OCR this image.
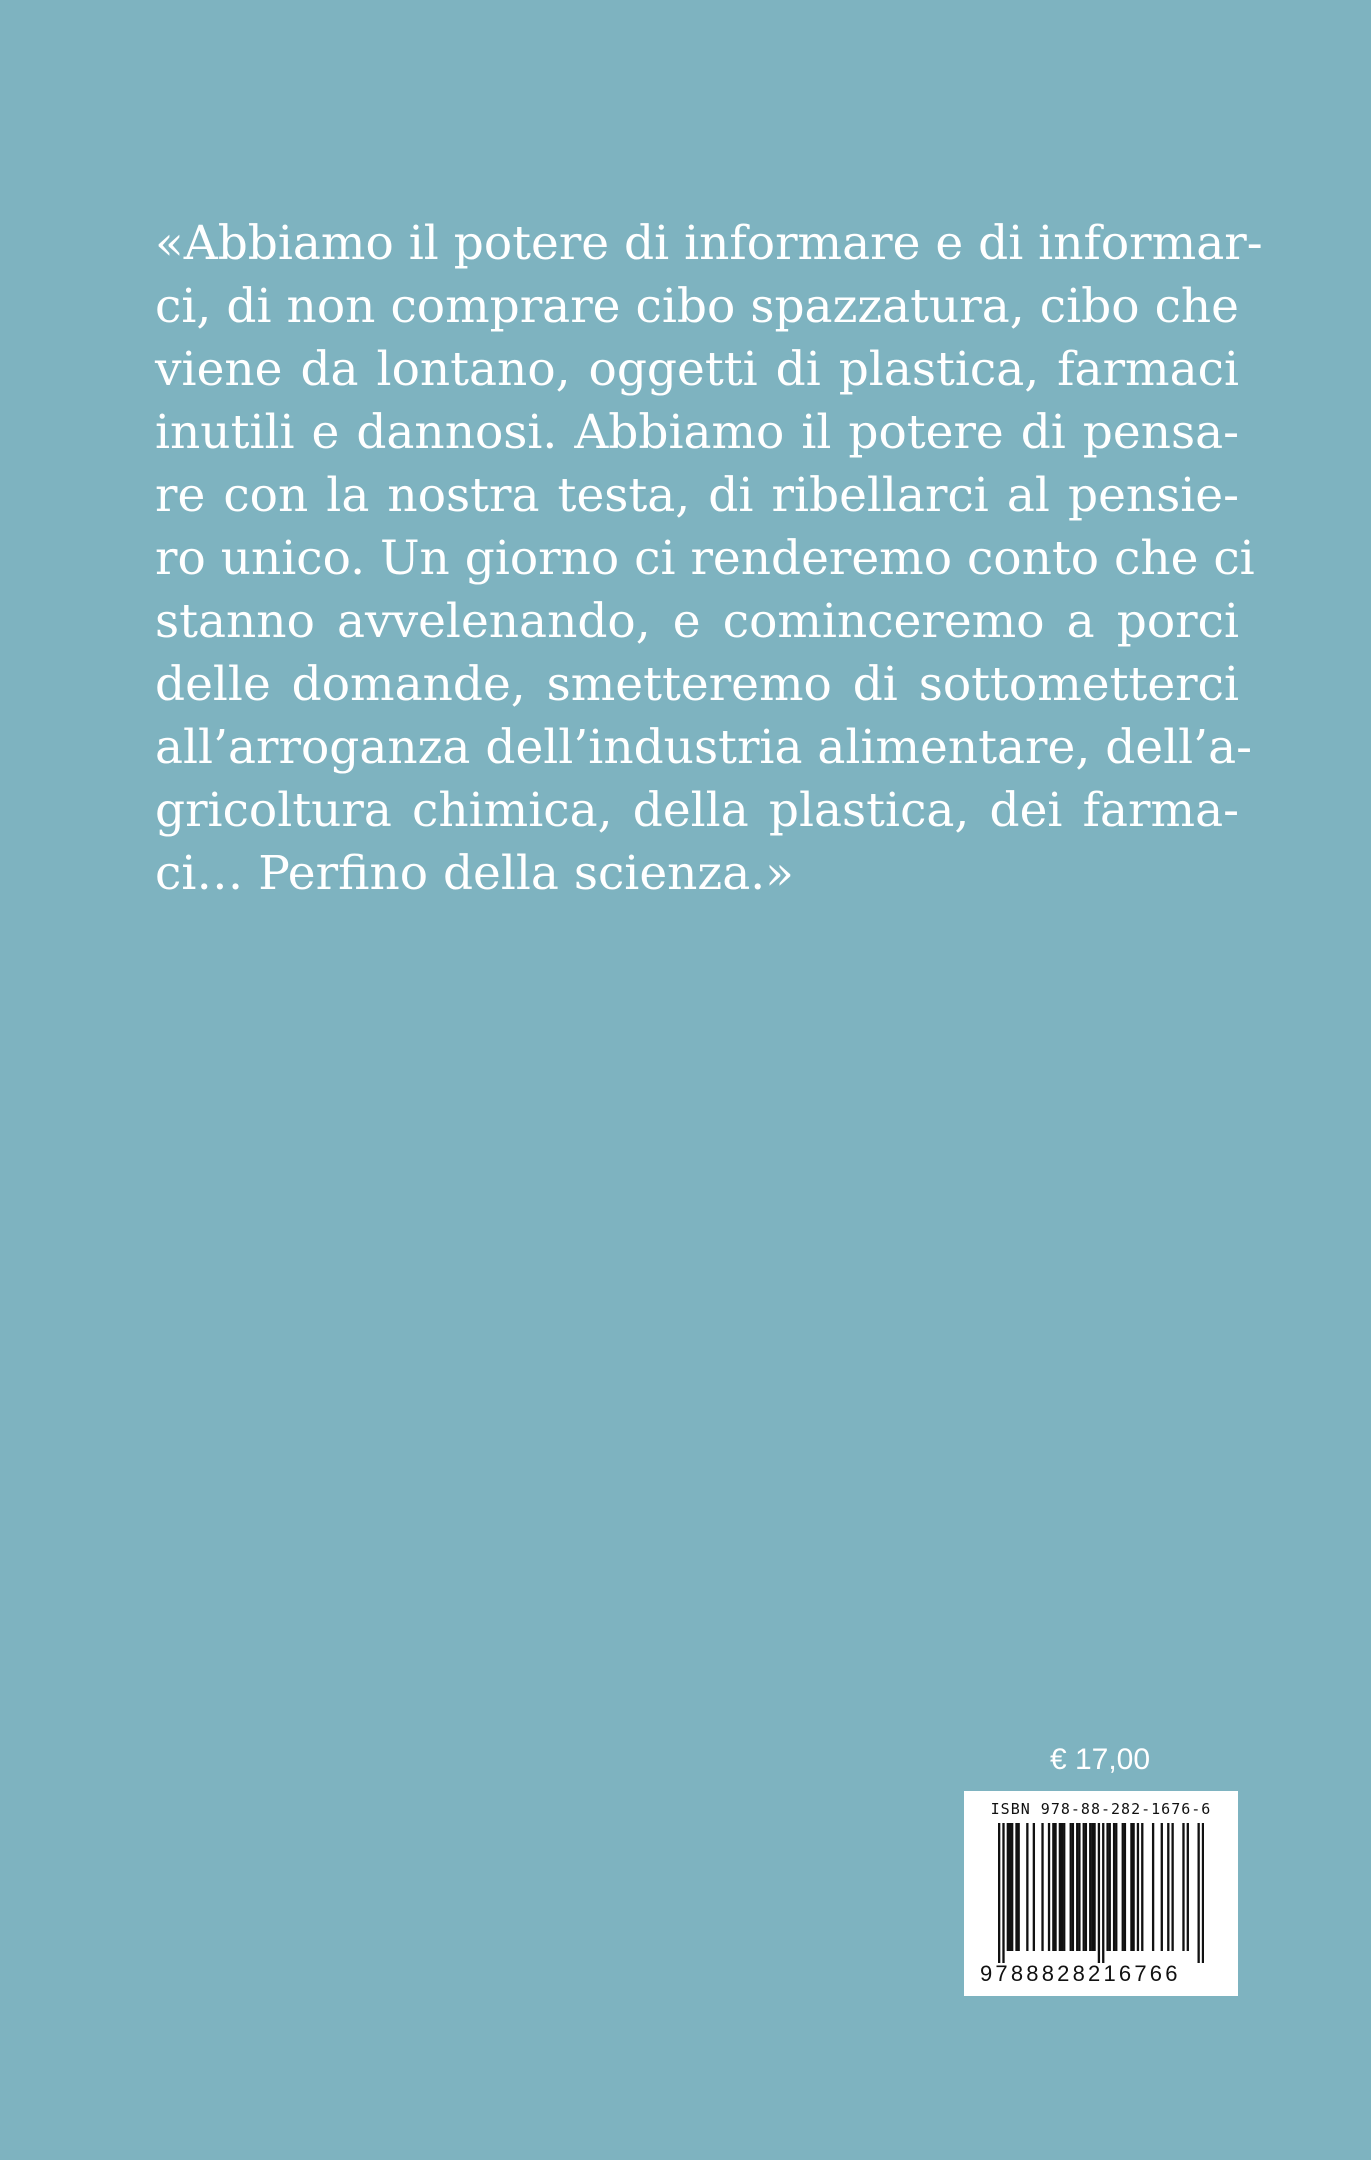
«Abbiamo il potere di informare e di informar-
ci, di non comprare cibo spazzatura, cibo che
viene da lontano, oggetti di plastica, farmaci
inutili e dannosi. Abbiamo il potere di pensa-
re con la nostra testa, di ribellarci al pensie-
ro unico. Un giorno ci renderemo conto che ci
stanno avvelenando, e cominceremo a porci
delle domande, smetteremo di sottometterci
all’arroganza dell’industria alimentare, dell’a-
gricoltura chimica, della plastica, dei farma-
ci… Perfino della scienza.»
€ 17,00
ISBN 978-88-282-1676-6
9788828216766
